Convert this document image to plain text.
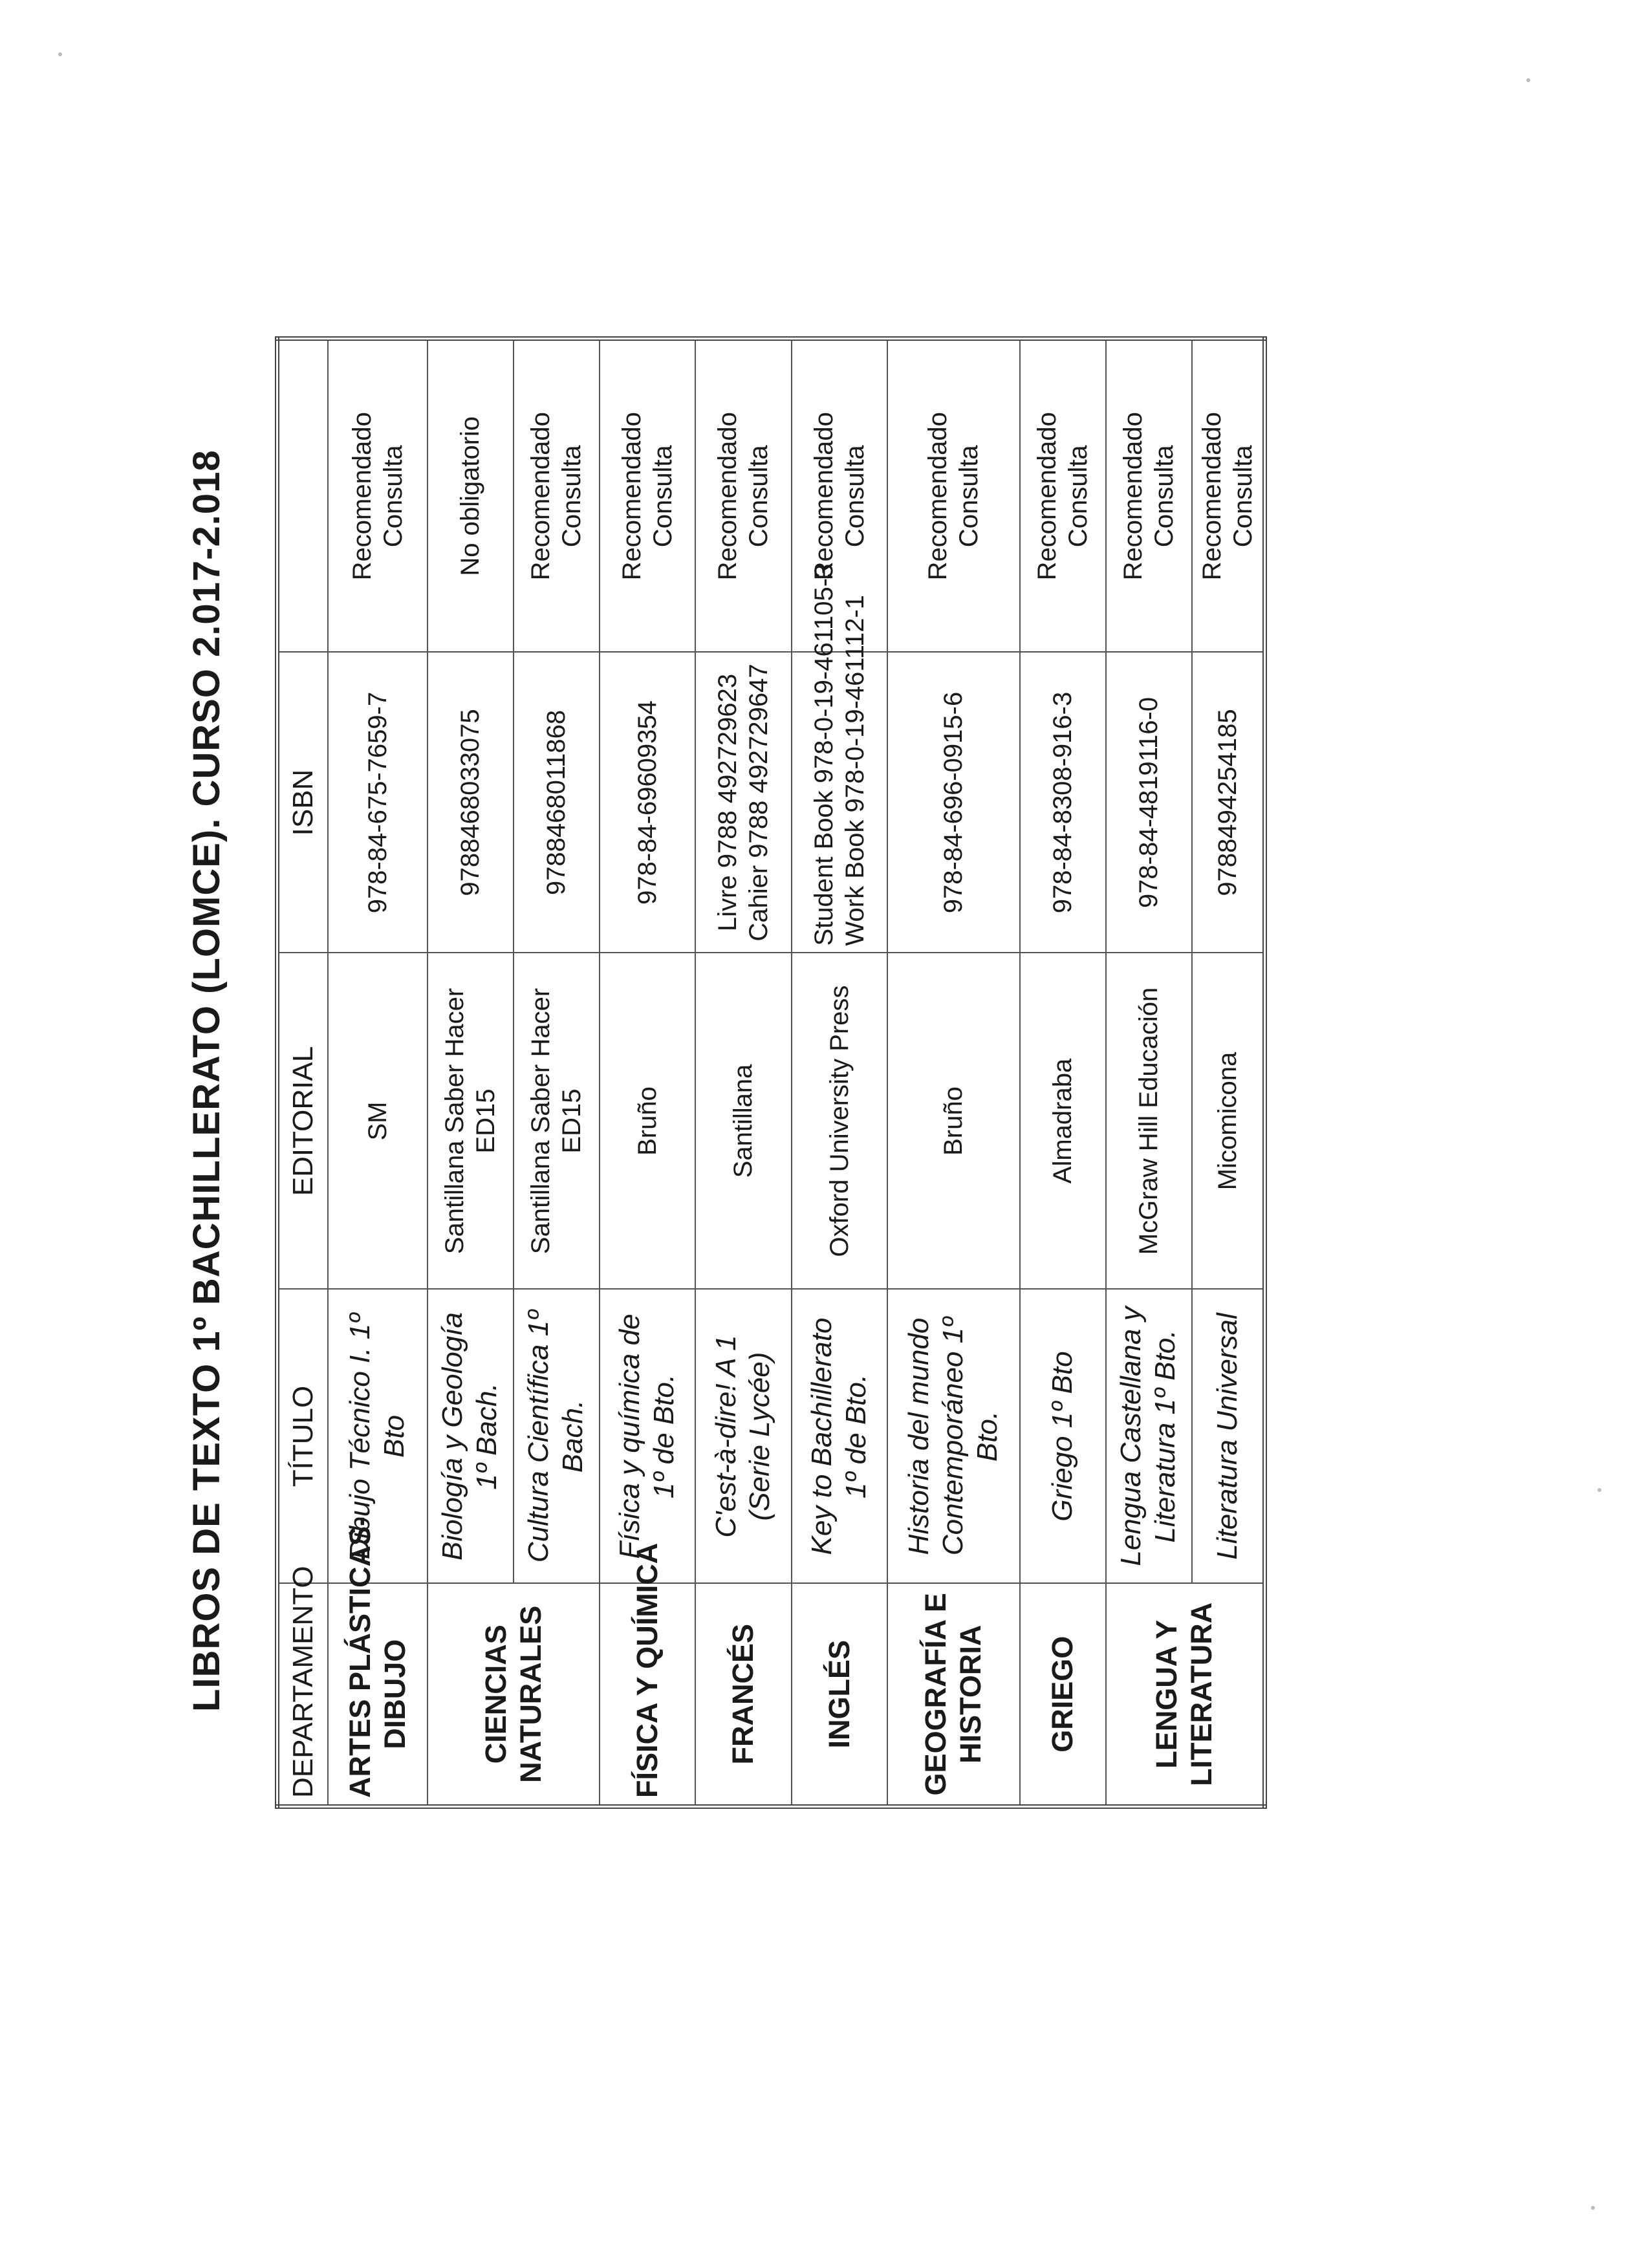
LIBROS DE TEXTO 1º BACHILLERATO (LOMCE). CURSO 2.017-2.018 DEPARTAMENTO	TÍTULO	EDITORIAL	ISBN	

ARTES PLÁSTICAS- DIBUJO	Dibujo Técnico I. 1º Bto	SM	978-84-675-7659-7	Recomendado Consulta

CIENCIAS NATURALES	Biología y Geología 1º Bach.	Santillana Saber Hacer ED15	9788468033075	No obligatorio

	Cultura Científica 1º Bach.	Santillana Saber Hacer ED15	9788468011868	Recomendado Consulta

FÍSICA Y QUÍMICA	Física y química de 1º de Bto.	Bruño	978-84-69609354	Recomendado Consulta

FRANCÉS	C'est-à-dire! A 1 (Serie Lycée)	Santillana	Livre 9788 492729623 Cahier 9788 492729647	Recomendado Consulta

INGLÉS	Key to Bachillerato 1º de Bto.	Oxford University Press	Student Book 978-0-19-461105-3 Work Book 978-0-19-461112-1	Recomendado Consulta

GEOGRAFÍA E HISTORIA	Historia del mundo Contemporáneo 1º Bto.	Bruño	978-84-696-0915-6	Recomendado Consulta

GRIEGO	Griego 1º Bto	Almadraba	978-84-8308-916-3	Recomendado Consulta

LENGUA Y LITERATURA	Lengua Castellana y Literatura 1º Bto.	McGraw Hill Educación	978-84-4819116-0	Recomendado Consulta

	Literatura Universal	Micomicona	9788494254185	Recomendado Consulta
